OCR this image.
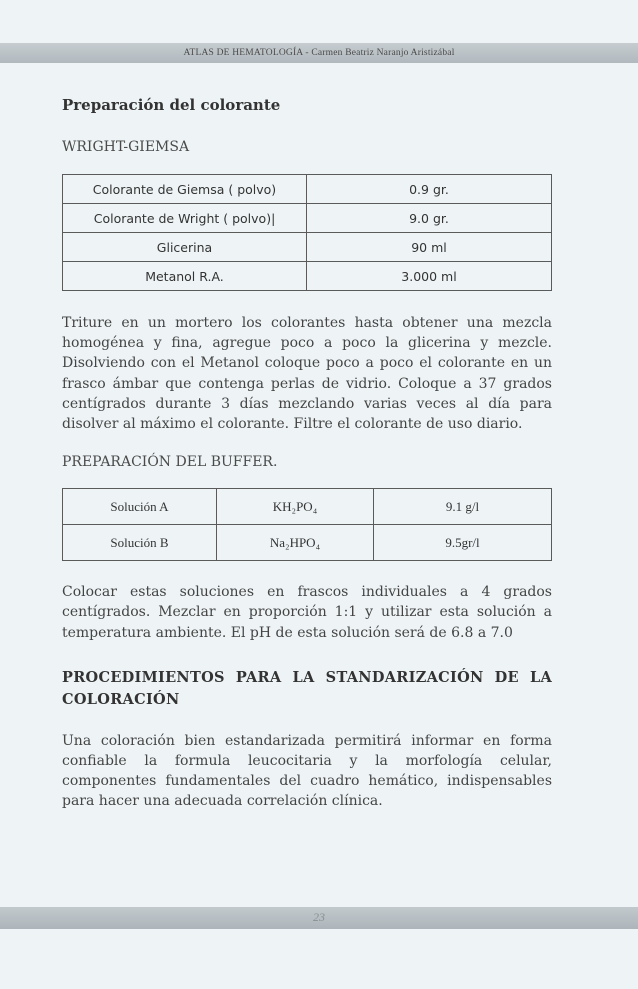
ATLAS DE HEMATOLOGÍA - Carmen Beatriz Naranjo Aristizábal
Preparación del colorante

WRIGHT-GIEMSA

Colorante de Giemsa ( polvo)	0.9 gr.
Colorante de Wright ( polvo)|	9.0 gr.
Glicerina	90 ml
Metanol R.A.	3.000 ml

Triture en un mortero los colorantes hasta obtener una mezcla homogénea y fina, agregue poco a poco la glicerina y mezcle. Disolviendo con el Metanol coloque poco a poco el colorante en un frasco ámbar que contenga perlas de vidrio. Coloque a 37 grados centígrados durante 3 días mezclando varias veces al día para disolver al máximo el colorante. Filtre el colorante de uso diario.

PREPARACIÓN DEL BUFFER.

Solución A	KH₂PO₄	9.1 g/l
Solución B	Na₂HPO₄	9.5gr/l

Colocar estas soluciones en frascos individuales a 4 grados centígrados. Mezclar en proporción 1:1 y utilizar esta solución a temperatura ambiente. El pH de esta solución será de 6.8 a 7.0

PROCEDIMIENTOS PARA LA STANDARIZACIÓN DE LA COLORACIÓN

Una coloración bien estandarizada permitirá informar en forma confiable la formula leucocitaria y la morfología celular, componentes fundamentales del cuadro hemático, indispensables para hacer una adecuada correlación clínica.

23
